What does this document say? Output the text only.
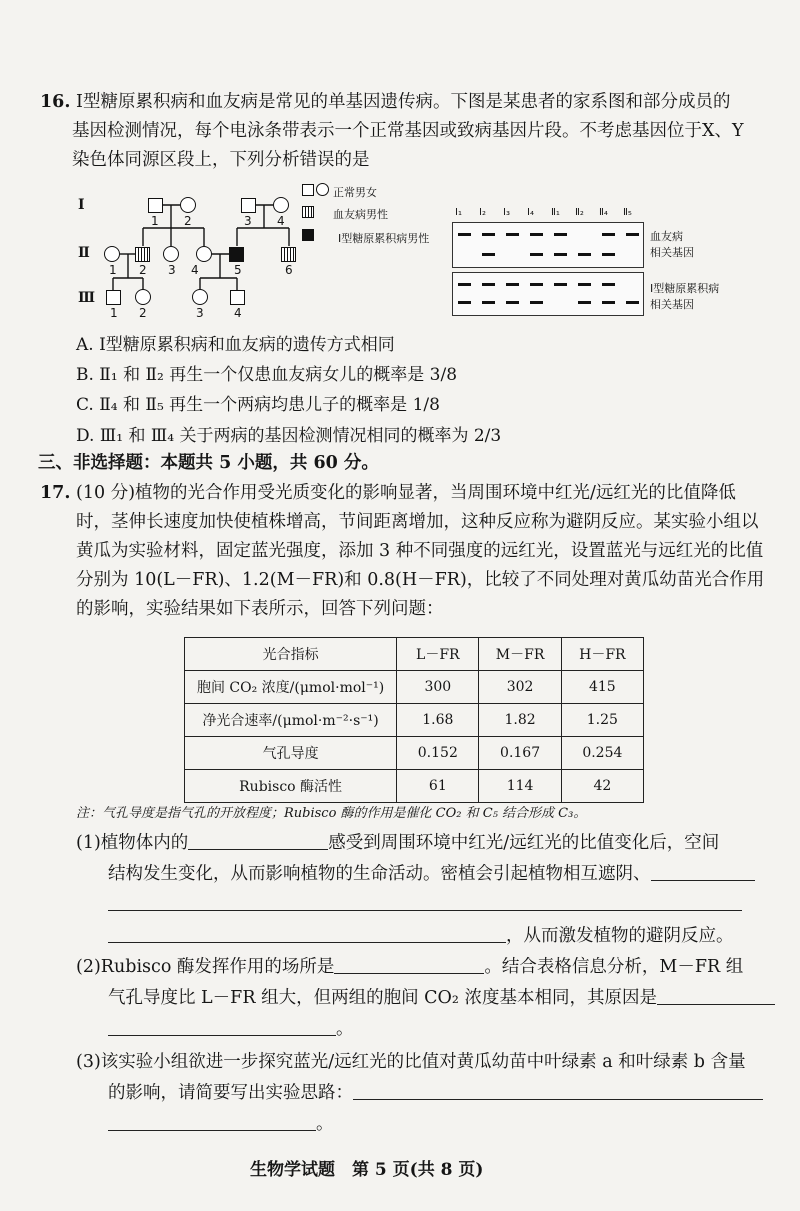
16. Ⅰ型糖原累积病和血友病是常见的单基因遗传病。下图是某患者的家系图和部分成员的
基因检测情况，每个电泳条带表示一个正常基因或致病基因片段。不考虑基因位于X、Y
染色体同源区段上，下列分析错误的是
Ⅰ
Ⅱ
Ⅲ
1 2	3 4
1 2 3 4	5	6
1 2	3	4
正常男女
血友病男性
Ⅰ型糖原累积病男性
Ⅰ₁ Ⅰ₂ Ⅰ₃ Ⅰ₄ Ⅱ₁ Ⅱ₂ Ⅱ₄ Ⅱ₅
血友病
相关基因
Ⅰ型糖原累积病
相关基因
A. Ⅰ型糖原累积病和血友病的遗传方式相同
B. Ⅱ₁ 和 Ⅱ₂ 再生一个仅患血友病女儿的概率是 3/8
C. Ⅱ₄ 和 Ⅱ₅ 再生一个两病均患儿子的概率是 1/8
D. Ⅲ₁ 和 Ⅲ₄ 关于两病的基因检测情况相同的概率为 2/3
三、非选择题：本题共 5 小题，共 60 分。
17. (10 分)植物的光合作用受光质变化的影响显著，当周围环境中红光/远红光的比值降低
时，茎伸长速度加快使植株增高，节间距离增加，这种反应称为避阴反应。某实验小组以
黄瓜为实验材料，固定蓝光强度，添加 3 种不同强度的远红光，设置蓝光与远红光的比值
分别为 10(L－FR)、1.2(M－FR)和 0.8(H－FR)，比较了不同处理对黄瓜幼苗光合作用
的影响，实验结果如下表所示，回答下列问题：
光合指标	L－FR	M－FR	H－FR
胞间 CO₂ 浓度/(μmol·mol⁻¹)	300	302	415
净光合速率/(μmol·m⁻²·s⁻¹)	1.68	1.82	1.25
气孔导度	0.152	0.167	0.254
Rubisco 酶活性	61	114	42
注：气孔导度是指气孔的开放程度；Rubisco 酶的作用是催化 CO₂ 和 C₅ 结合形成 C₃。
(1)植物体内的	感受到周围环境中红光/远红光的比值变化后，空间
结构发生变化，从而影响植物的生命活动。密植会引起植物相互遮阴、
，从而激发植物的避阴反应。
(2)Rubisco 酶发挥作用的场所是	。结合表格信息分析，M－FR 组
气孔导度比 L－FR 组大，但两组的胞间 CO₂ 浓度基本相同，其原因是
。
(3)该实验小组欲进一步探究蓝光/远红光的比值对黄瓜幼苗中叶绿素 a 和叶绿素 b 含量
的影响，请简要写出实验思路：
。
生物学试题　第 5 页(共 8 页)
